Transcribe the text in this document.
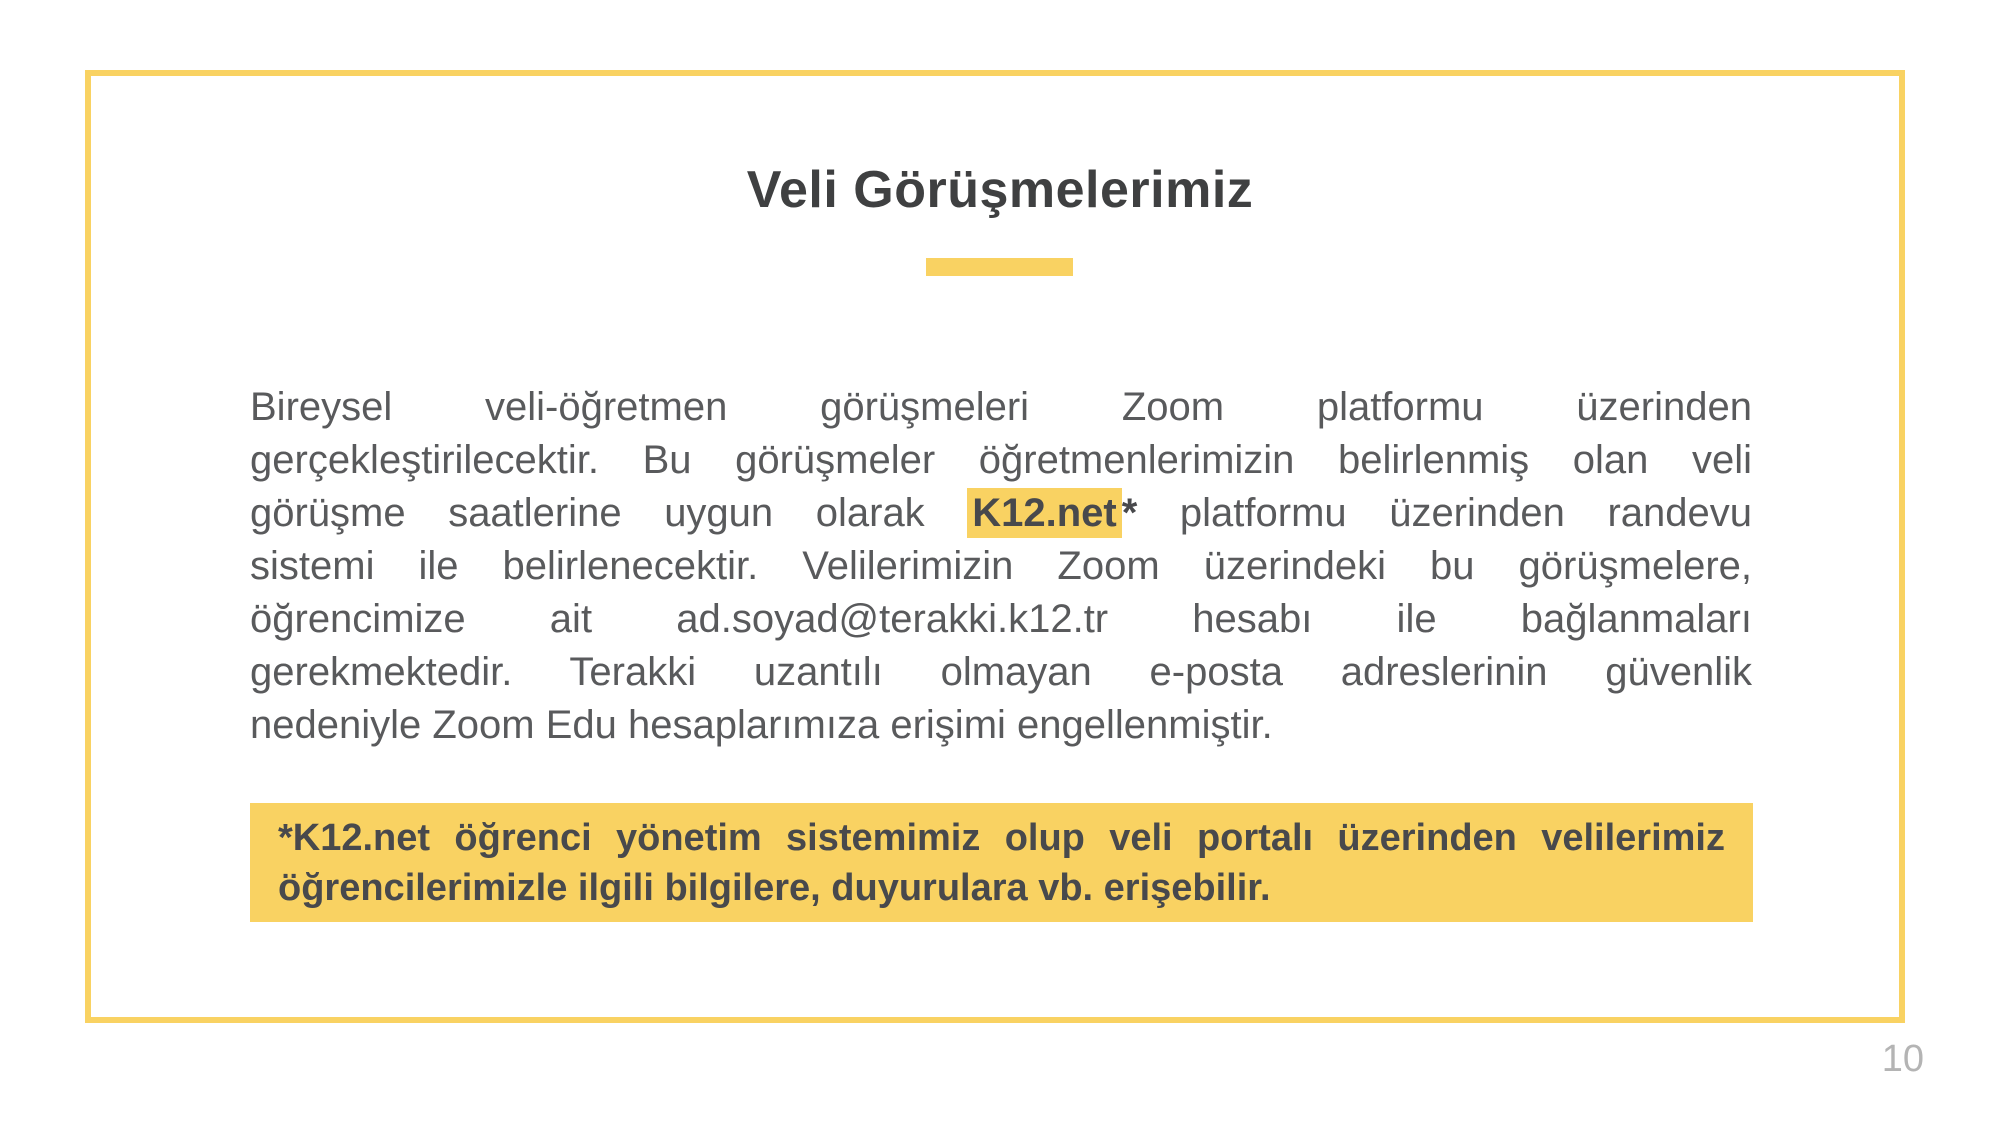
Veli Görüşmelerimiz
Bireysel veli-öğretmen görüşmeleri Zoom platformu üzerinden
gerçekleştirilecektir. Bu görüşmeler öğretmenlerimizin belirlenmiş olan veli
görüşme saatlerine uygun olarak K12.net * platformu üzerinden randevu
sistemi ile belirlenecektir. Velilerimizin Zoom üzerindeki bu görüşmelere,
öğrencimize ait ad.soyad@terakki.k12.tr hesabı ile bağlanmaları
gerekmektedir. Terakki uzantılı olmayan e-posta adreslerinin güvenlik
nedeniyle Zoom Edu hesaplarımıza erişimi engellenmiştir.
*K12.net öğrenci yönetim sistemimiz olup veli portalı üzerinden velilerimiz
öğrencilerimizle ilgili bilgilere, duyurulara vb. erişebilir.
10
